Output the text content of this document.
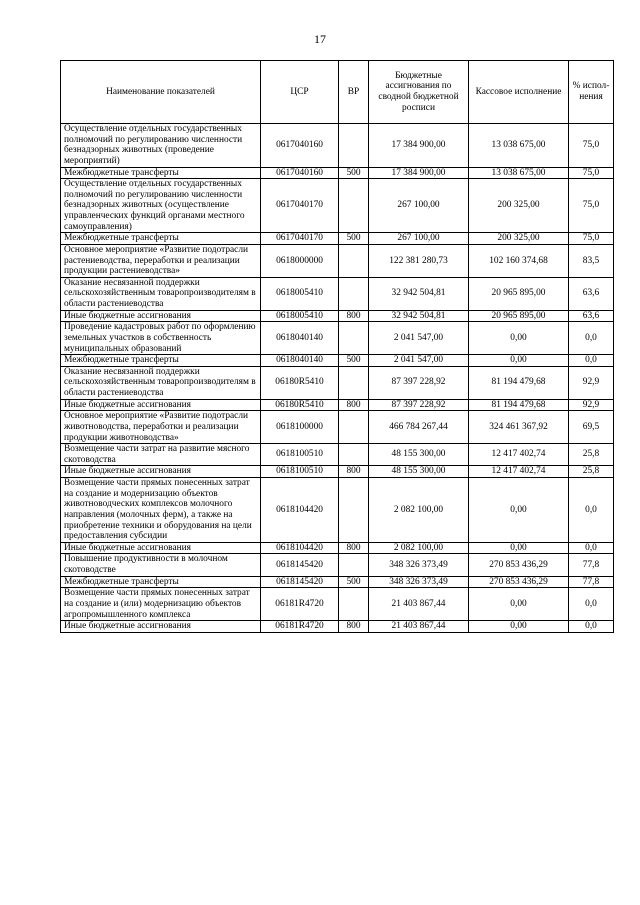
17
Наименование показателей	ЦСР	ВР	Бюджетные ассигнования по сводной бюджетной росписи	Кассовое исполнение	% испол-нения
Осуществление отдельных государственных полномочий по регулированию численности безнадзорных животных (проведение мероприятий)	0617040160		17 384 900,00	13 038 675,00	75,0
Межбюджетные трансферты	0617040160	500	17 384 900,00	13 038 675,00	75,0
Осуществление отдельных государственных полномочий по регулированию численности безнадзорных животных (осуществление управленческих функций органами местного самоуправления)	0617040170		267 100,00	200 325,00	75,0
Межбюджетные трансферты	0617040170	500	267 100,00	200 325,00	75,0
Основное мероприятие «Развитие подотрасли растениеводства, переработки и реализации продукции растениеводства»	0618000000		122 381 280,73	102 160 374,68	83,5
Оказание несвязанной поддержки сельскохозяйственным товаропроизводителям в области растениеводства	0618005410		32 942 504,81	20 965 895,00	63,6
Иные бюджетные ассигнования	0618005410	800	32 942 504,81	20 965 895,00	63,6
Проведение кадастровых работ по оформлению земельных участков в собственность муниципальных образований	0618040140		2 041 547,00	0,00	0,0
Межбюджетные трансферты	0618040140	500	2 041 547,00	0,00	0,0
Оказание несвязанной поддержки сельскохозяйственным товаропроизводителям в области растениеводства	06180R5410		87 397 228,92	81 194 479,68	92,9
Иные бюджетные ассигнования	06180R5410	800	87 397 228,92	81 194 479,68	92,9
Основное мероприятие «Развитие подотрасли животноводства, переработки и реализации продукции животноводства»	0618100000		466 784 267,44	324 461 367,92	69,5
Возмещение части затрат на развитие мясного скотоводства	0618100510		48 155 300,00	12 417 402,74	25,8
Иные бюджетные ассигнования	0618100510	800	48 155 300,00	12 417 402,74	25,8
Возмещение части прямых понесенных затрат на создание и модернизацию объектов животноводческих комплексов молочного направления (молочных ферм), а также на приобретение техники и оборудования на цели предоставления субсидии	0618104420		2 082 100,00	0,00	0,0
Иные бюджетные ассигнования	0618104420	800	2 082 100,00	0,00	0,0
Повышение продуктивности в молочном скотоводстве	0618145420		348 326 373,49	270 853 436,29	77,8
Межбюджетные трансферты	0618145420	500	348 326 373,49	270 853 436,29	77,8
Возмещение части прямых понесенных затрат на создание и (или) модернизацию объектов агропромышленного комплекса	06181R4720		21 403 867,44	0,00	0,0
Иные бюджетные ассигнования	06181R4720	800	21 403 867,44	0,00	0,0
